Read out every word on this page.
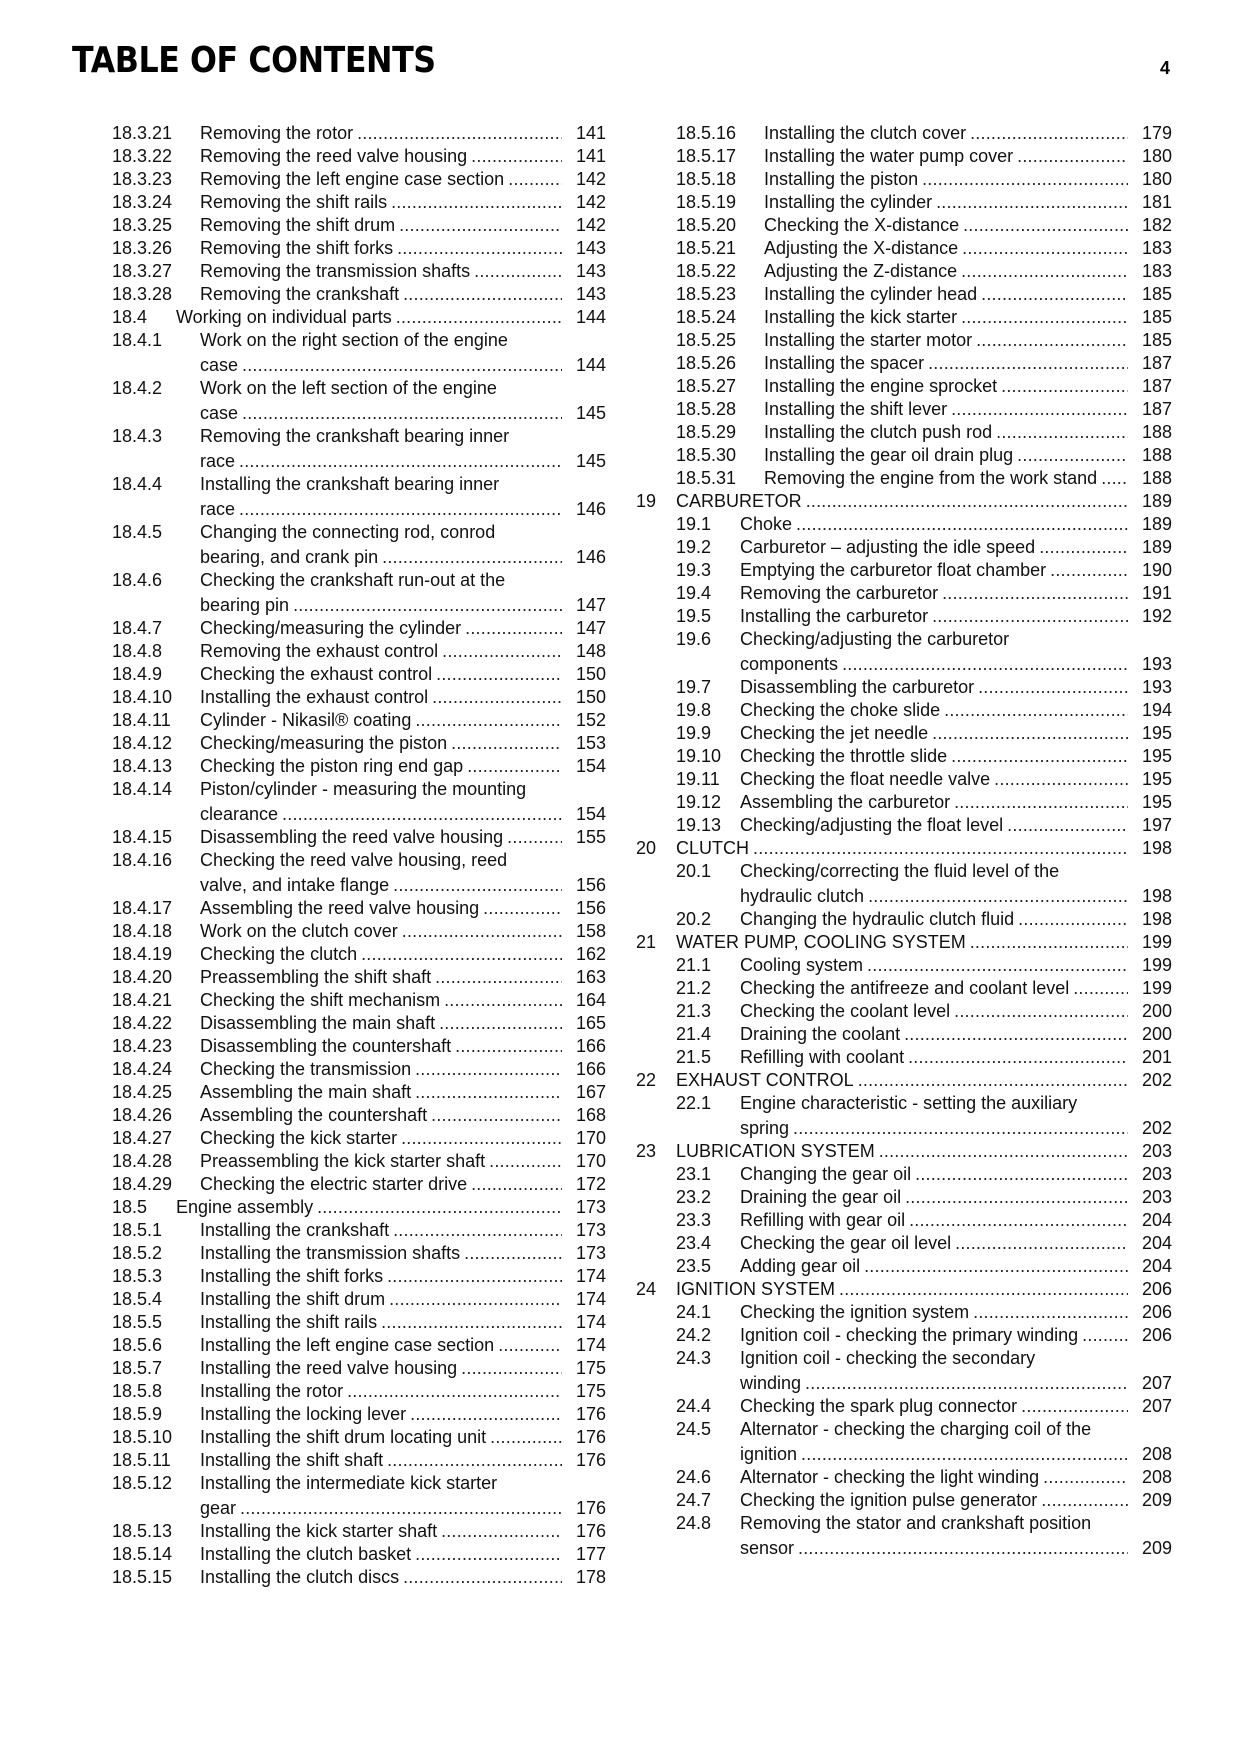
TABLE OF CONTENTS	4
18.3.21 Removing the rotor . . .	141
18.3.22 Removing the reed valve housing . . .	141
18.3.23 Removing the left engine case section . . .	142
18.3.24 Removing the shift rails . . .	142
18.3.25 Removing the shift drum . . .	142
18.3.26 Removing the shift forks . . .	143
18.3.27 Removing the transmission shafts . . .	143
18.3.28 Removing the crankshaft . . .	143
18.4 Working on individual parts . . .	144
18.4.1 Work on the right section of the engine
case . . .	144
18.4.2 Work on the left section of the engine
case . . .	145
18.4.3 Removing the crankshaft bearing inner
race . . .	145
18.4.4 Installing the crankshaft bearing inner
race . . .	146
18.4.5 Changing the connecting rod, conrod
bearing, and crank pin . . .	146
18.4.6 Checking the crankshaft run-out at the
bearing pin . . .	147
18.4.7 Checking/measuring the cylinder . . .	147
18.4.8 Removing the exhaust control . . .	148
18.4.9 Checking the exhaust control . . .	150
18.4.10 Installing the exhaust control . . .	150
18.4.11 Cylinder - Nikasil® coating . . .	152
18.4.12 Checking/measuring the piston . . .	153
18.4.13 Checking the piston ring end gap . . .	154
18.4.14 Piston/cylinder - measuring the mounting
clearance . . .	154
18.4.15 Disassembling the reed valve housing . . .	155
18.4.16 Checking the reed valve housing, reed
valve, and intake flange . . .	156
18.4.17 Assembling the reed valve housing . . .	156
18.4.18 Work on the clutch cover . . .	158
18.4.19 Checking the clutch . . .	162
18.4.20 Preassembling the shift shaft . . .	163
18.4.21 Checking the shift mechanism . . .	164
18.4.22 Disassembling the main shaft . . .	165
18.4.23 Disassembling the countershaft . . .	166
18.4.24 Checking the transmission . . .	166
18.4.25 Assembling the main shaft . . .	167
18.4.26 Assembling the countershaft . . .	168
18.4.27 Checking the kick starter . . .	170
18.4.28 Preassembling the kick starter shaft . . .	170
18.4.29 Checking the electric starter drive . . .	172
18.5 Engine assembly . . .	173
18.5.1 Installing the crankshaft . . .	173
18.5.2 Installing the transmission shafts . . .	173
18.5.3 Installing the shift forks . . .	174
18.5.4 Installing the shift drum . . .	174
18.5.5 Installing the shift rails . . .	174
18.5.6 Installing the left engine case section . . .	174
18.5.7 Installing the reed valve housing . . .	175
18.5.8 Installing the rotor . . .	175
18.5.9 Installing the locking lever . . .	176
18.5.10 Installing the shift drum locating unit . . .	176
18.5.11 Installing the shift shaft . . .	176
18.5.12 Installing the intermediate kick starter
gear . . .	176
18.5.13 Installing the kick starter shaft . . .	176
18.5.14 Installing the clutch basket . . .	177
18.5.15 Installing the clutch discs . . .	178
18.5.16 Installing the clutch cover . . .	179
18.5.17 Installing the water pump cover . . .	180
18.5.18 Installing the piston . . .	180
18.5.19 Installing the cylinder . . .	181
18.5.20 Checking the X-distance . . .	182
18.5.21 Adjusting the X-distance . . .	183
18.5.22 Adjusting the Z-distance . . .	183
18.5.23 Installing the cylinder head . . .	185
18.5.24 Installing the kick starter . . .	185
18.5.25 Installing the starter motor . . .	185
18.5.26 Installing the spacer . . .	187
18.5.27 Installing the engine sprocket . . .	187
18.5.28 Installing the shift lever . . .	187
18.5.29 Installing the clutch push rod . . .	188
18.5.30 Installing the gear oil drain plug . . .	188
18.5.31 Removing the engine from the work stand . . .	188
19 CARBURETOR . . .	189
19.1 Choke . . .	189
19.2 Carburetor – adjusting the idle speed . . .	189
19.3 Emptying the carburetor float chamber . . .	190
19.4 Removing the carburetor . . .	191
19.5 Installing the carburetor . . .	192
19.6 Checking/adjusting the carburetor
components . . .	193
19.7 Disassembling the carburetor . . .	193
19.8 Checking the choke slide . . .	194
19.9 Checking the jet needle . . .	195
19.10 Checking the throttle slide . . .	195
19.11 Checking the float needle valve . . .	195
19.12 Assembling the carburetor . . .	195
19.13 Checking/adjusting the float level . . .	197
20 CLUTCH . . .	198
20.1 Checking/correcting the fluid level of the
hydraulic clutch . . .	198
20.2 Changing the hydraulic clutch fluid . . .	198
21 WATER PUMP, COOLING SYSTEM . . .	199
21.1 Cooling system . . .	199
21.2 Checking the antifreeze and coolant level . . .	199
21.3 Checking the coolant level . . .	200
21.4 Draining the coolant . . .	200
21.5 Refilling with coolant . . .	201
22 EXHAUST CONTROL . . .	202
22.1 Engine characteristic - setting the auxiliary
spring . . .	202
23 LUBRICATION SYSTEM . . .	203
23.1 Changing the gear oil . . .	203
23.2 Draining the gear oil . . .	203
23.3 Refilling with gear oil . . .	204
23.4 Checking the gear oil level . . .	204
23.5 Adding gear oil . . .	204
24 IGNITION SYSTEM . . .	206
24.1 Checking the ignition system . . .	206
24.2 Ignition coil - checking the primary winding . . .	206
24.3 Ignition coil - checking the secondary
winding . . .	207
24.4 Checking the spark plug connector . . .	207
24.5 Alternator - checking the charging coil of the
ignition . . .	208
24.6 Alternator - checking the light winding . . .	208
24.7 Checking the ignition pulse generator . . .	209
24.8 Removing the stator and crankshaft position
sensor . . .	209
